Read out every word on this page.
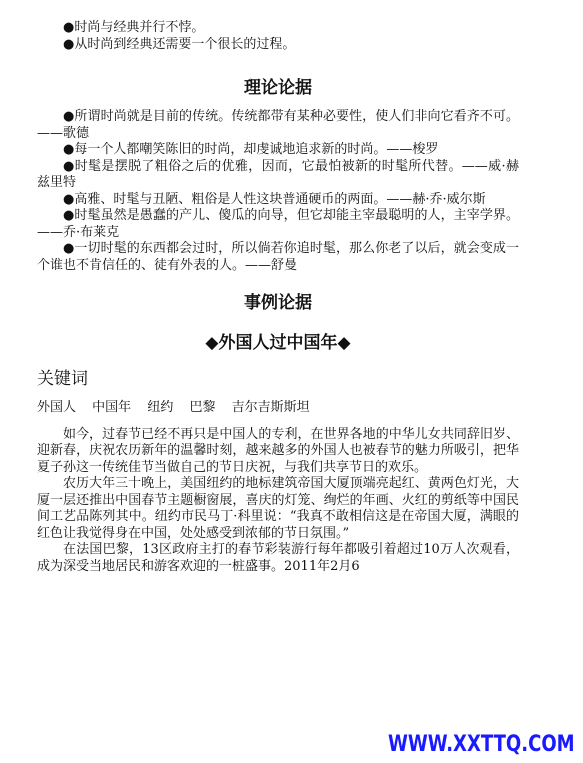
●时尚与经典并行不悖。

●从时尚到经典还需要一个很长的过程。

理论论据

●所谓时尚就是目前的传统。传统都带有某种必要性，使人们非向它看齐不可。——歌德

●每一个人都嘲笑陈旧的时尚，却虔诚地追求新的时尚。——梭罗

●时髦是摆脱了粗俗之后的优雅，因而，它最怕被新的时髦所代替。——威·赫兹里特

●高雅、时髦与丑陋、粗俗是人性这块普通硬币的两面。——赫·乔·威尔斯

●时髦虽然是愚蠢的产儿、傻瓜的向导，但它却能主宰最聪明的人，主宰学界。——乔·布莱克

●一切时髦的东西都会过时，所以倘若你追时髦，那么你老了以后，就会变成一个谁也不肯信任的、徒有外表的人。——舒曼

事例论据
◆外国人过中国年◆
关键词
外国人 中国年 纽约 巴黎 吉尔吉斯斯坦

如今，过春节已经不再只是中国人的专利，在世界各地的中华儿女共同辞旧岁、迎新春，庆祝农历新年的温馨时刻，越来越多的外国人也被春节的魅力所吸引，把华夏子孙这一传统佳节当做自己的节日庆祝，与我们共享节日的欢乐。

农历大年三十晚上，美国纽约的地标建筑帝国大厦顶端亮起红、黄两色灯光，大厦一层还推出中国春节主题橱窗展，喜庆的灯笼、绚烂的年画、火红的剪纸等中国民间工艺品陈列其中。纽约市民马丁·科里说：“我真不敢相信这是在帝国大厦，满眼的红色让我觉得身在中国，处处感受到浓郁的节日氛围。”

在法国巴黎，13区政府主打的春节彩装游行每年都吸引着超过10万人次观看，成为深受当地居民和游客欢迎的一桩盛事。2011年2月6

WWW.XXTTQ.COM
